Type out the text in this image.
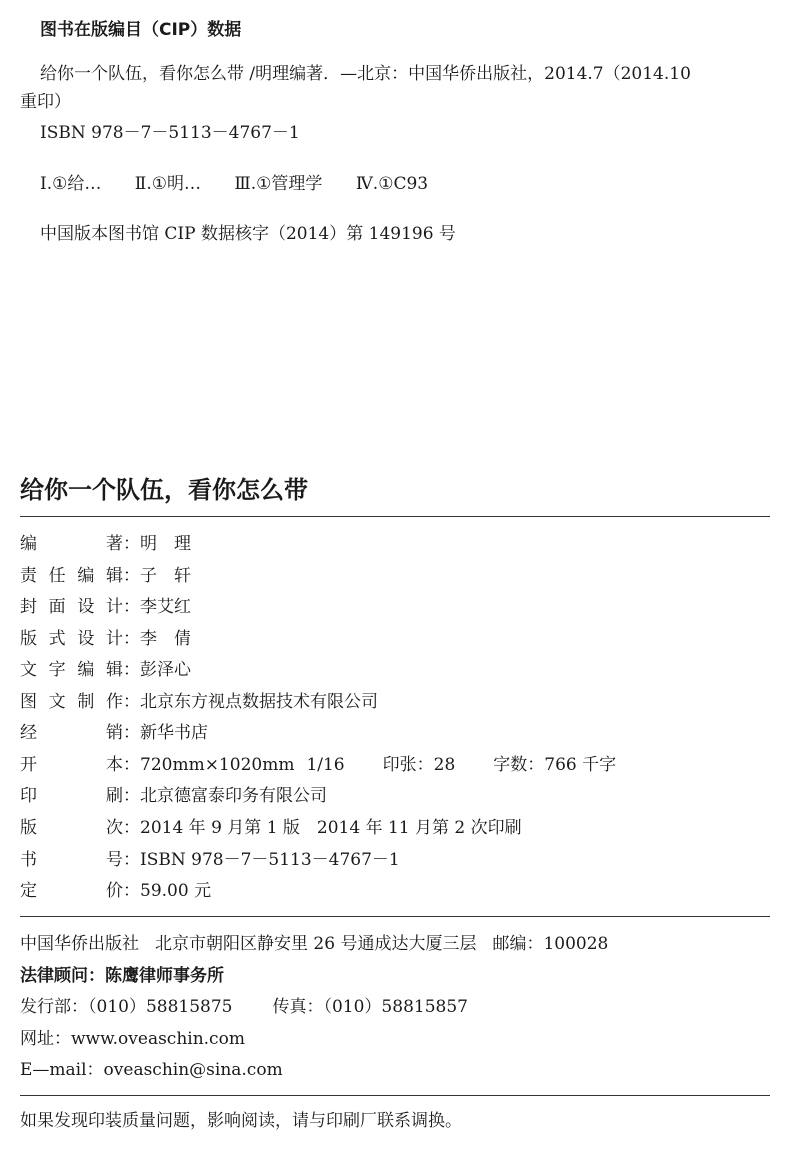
图书在版编目（CIP）数据
给你一个队伍，看你怎么带 /明理编著．—北京：中国华侨出版社，2014.7（2014.10
重印）
ISBN 978－7－5113－4767－1
Ⅰ.①给… Ⅱ.①明… Ⅲ.①管理学 Ⅳ.①C93
中国版本图书馆 CIP 数据核字（2014）第 149196 号
给你一个队伍，看你怎么带
编著：明　理
责任编辑：子　轩
封面设计：李艾红
版式设计：李　倩
文字编辑：彭泽心
图文制作：北京东方视点数据技术有限公司
经销：新华书店
开本：720mm×1020mm 1/16 印张：28 字数：766 千字
印刷：北京德富泰印务有限公司
版次：2014 年 9 月第 1 版　2014 年 11 月第 2 次印刷
书号：ISBN 978－7－5113－4767－1
定价：59.00 元
中国华侨出版社 北京市朝阳区静安里 26 号通成达大厦三层 邮编：100028
法律顾问：陈鹰律师事务所
发行部：（010）58815875 传真：（010）58815857
网址：www.oveaschin.com
E—mail：oveaschin@sina.com
如果发现印装质量问题，影响阅读，请与印刷厂联系调换。
